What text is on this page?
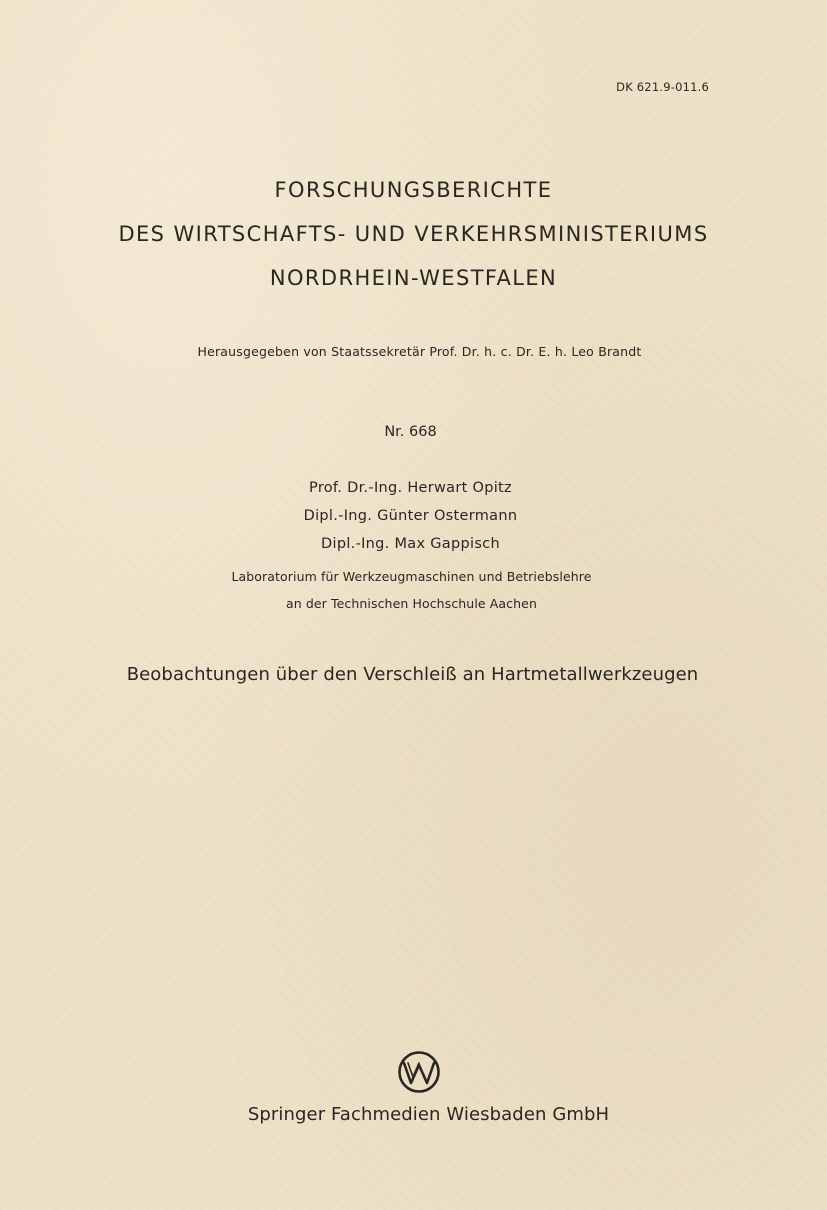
DK 621.9-011.6
FORSCHUNGSBERICHTE
DES WIRTSCHAFTS- UND VERKEHRSMINISTERIUMS
NORDRHEIN-WESTFALEN
Herausgegeben von Staatssekretär Prof. Dr. h. c. Dr. E. h. Leo Brandt
Nr. 668
Prof. Dr.-Ing. Herwart Opitz
Dipl.-Ing. Günter Ostermann
Dipl.-Ing. Max Gappisch
Laboratorium für Werkzeugmaschinen und Betriebslehre
an der Technischen Hochschule Aachen
Beobachtungen über den Verschleiß an Hartmetallwerkzeugen
Springer Fachmedien Wiesbaden GmbH
